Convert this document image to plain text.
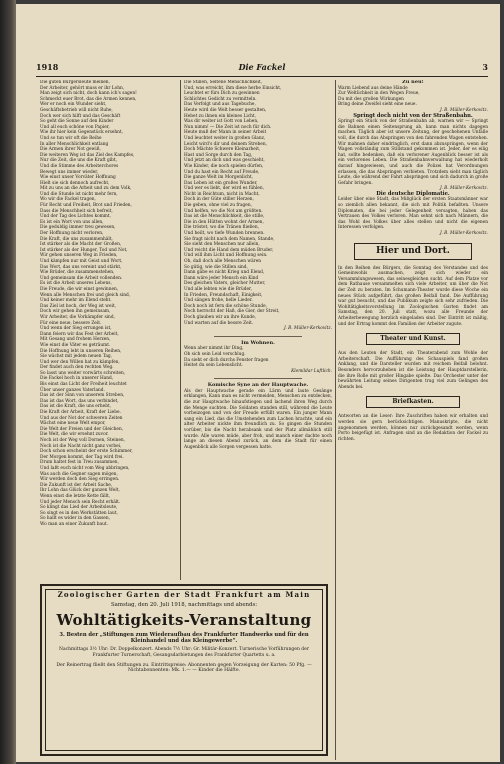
1918	Die Fackel	3

Die guten Bürgersleute meinen,

Der Arbeiter, gehört muss er ihr Lohn,

Man zeigt sich nicht, doch kann ich's sagen!

Schmeckt euer Brot, das die Armen kennen,

Wer er noch ein Wunder sieht,

Geschäftsbetrieb will nicht Ruhe,

Doch wer sich hilft und das Geschäft

So geht die Sonne auf den Kinder

Und all euch schöne von Papier,

Wie ihr hier kein Gegenstück ersehnt,

Und so tun wir oft die Reihe

In aller Menschlichkeit entlang

Die Armen ihrer Not gewiß,

Die weiteren Weg ist das Ziel des Kampfes,

Nur die Zeit, die uns die Kraft gibt,

Und die Stimme des Arbeiterchores

Bewegt uns immer wieder,

Wie einst unser Vorväter Hoffnung

Hielt sie sich dennoch aufrecht,

Mit zu uns an die Arbeit und zu dem Volk,

Und die Stunde ist nicht mehr fern,

Wo wir die Fackel tragen,

Für Recht und Freiheit, Brot und Frieden,

Dass die Menschheit sich befreit,

Und der Tag des Lichtes kommt,

Es ist ein Wort von uns allen,

Die geduldig immer treu gewesen,

Der Hoffnung nicht verloren,

Die Kraft, die uns zusammenhält,

Ist stärker als die Macht der Großen,

Ist stärker als der Hunger, Tod und Not,

Wir gehen unseren Weg in Frieden,

Und kämpfen nur mit Geist und Wort,

Das Wort, das uns vereint und stärkt,

Wie Brüder, die zusammenstehen,

Und gemeinsam die Arbeit vollenden.

Es ist die Arbeit unseres Lebens,

Die Freude, die wir einst gewinnen,

Wenn alle Menschen frei und gleich sind,

Und keiner mehr im Elend steht.

Das Ziel ist hoch, der Weg ist weit,

Doch wir gehen ihn gemeinsam,

Wir Arbeiter, die Vorkämpfer sind,

Für eine neue, bessere Zeit.

Und wenn der Sieg errungen ist,

Dann feiern wir das Fest der Arbeit,

Mit Gesang und frohem Herzen,

Wie einst die Väter es geträumt.

Die Hoffnung lebt in unseren Reihen,

Sie wächst mit jedem neuen Tag,

Und wer den Willen hat zu kämpfen,

Der findet auch den rechten Weg.

So lasst uns weiter vorwärts schreiten,

Die Fackel hoch in unserer Hand,

Bis einst das Licht der Freiheit leuchtet

Über unser ganzes Vaterland.

Das ist der Sinn von unserem Streben,

Das ist das Wort, das uns verbindet,

Das ist die Kraft, die uns erhebt,

Die Kraft der Arbeit, Kraft der Liebe.

Und aus der Not der schweren Zeiten

Wächst eine neue Welt empor,

Die Welt der Freien und der Gleichen,

Die Welt, die wir ersehnt zuvor.

Noch ist der Weg voll Dornen, Steinen,

Noch ist die Nacht nicht ganz vorbei,

Doch schon erscheint der erste Schimmer,

Der Morgen kommt, der Tag wird frei.

Drum haltet fest in Treu zusammen,

Und laßt euch nicht vom Weg abbringen,

Was auch die Gegner sagen mögen,

Wir werden doch den Sieg erringen.

Die Zukunft ist der Arbeit Sache,

Ihr Lohn das Glück der ganzen Welt,

Wenn einst die letzte Kette fällt,

Und jeder Mensch sein Recht erhält.

So klingt das Lied der Arbeitsleute,

So singt es in den Werkstätten laut,

So hallt es wider in den Gassen,

Wo man an einer Zukunft baut.

Die Stillen, Seltene Menschlichkeit,

Und, was erreicht, ihm diese herbe Einsicht,

Leuchtet er fürs Dich zu gewinnen

Schlichtes Gedicht zu vermitteln.

Das Verfolgt und aus Tagebuche,

Heute wird die Welt besser gestalten,

Hebet zu ihnen ein kleines Licht,

Was dir weiter ist Gott von Leben,

Nun nimm! — Die Zeit ist noch für dich.

Heute muß der Mann in seiner Arbeit

Und leuchtet weiter in großen Glanz,

Leicht wird's dir und deinem Streben,

Doch Mächte Schwere Kleinarbeit,

Hast und Sorge durch den Tag,

Und jetzt an dich und was geschieht,

Wie Kinder, die noch spielen dürfen,

Und du hast ein Recht auf Freude,

Die ganze Welt im Morgenlicht,

Das Leben ist ein großes Wunder,

Und wer es liebt, der wird es fühlen,

Nicht in Reichtum, nicht in Macht,

Doch in der Güte stiller Herzen,

Die geben, ohne viel zu fragen,

Und helfen, wo die Not am größten.

Das ist die Menschlichkeit, die stille,

Die in den Hütten wohnt der Armen,

Die tröstet, wo die Tränen fließen,

Und heilt, wo tiefe Wunden brennen.

Sie fragt nicht nach dem Namen, Stande,

Sie sieht den Menschen nur allein,

Und reicht die Hand dem müden Bruder,

Und will ihm Licht und Hoffnung sein.

Oh, daß doch alle Menschen wären

So gütig, wie die Stillen sind,

Dann gäbe es nicht Krieg und Elend,

Dann wäre jeder Mensch ein Kind

Des gleichen Vaters, gleicher Mutter,

Und alle lebten wie die Brüder,

In Frieden, Freundschaft, Einigkeit,

Und sängen frohe, helle Lieder.

Doch noch ist fern die schöne Stunde,

Noch herrscht der Haß, die Gier, der Streit,

Doch glauben wir an ihre Kunde,

Und warten auf die bessre Zeit.

J. B. Müller-Kerkovitz.

Im Wohnen.

Wenn aber nimmt ihr Ding,

Ob sich sein Leid verschlug.

Da sieht er dich durchs Fenster fragen

Heitet du sein Lebenslicht.

Klemildar Luftlich.

Komische Syne an der Hauptwache.

Als der Hauptwache gerade ein Lärm und laute Gesänge erklangen, Kann man es nicht vermeiden, Menschen zu entdecken, die zur Hauptwache hinaufstiegen und lachend ihren Weg durch die Menge suchten. Die Soldaten standen still, während die Leute vorbeizogen und von der Freude erfüllt waren. Ein junger Mann sang ein Lied, das die Umstehenden zum Lachen brachte, und ein alter Arbeiter nickte ihm freundlich zu. So gingen die Stunden vorüber, bis die Nacht herabsank und der Platz allmählich still wurde. Alle waren müde, aber froh, und manch einer dachte noch lange an diesen Abend zurück, an dem die Stadt für einen Augenblick alle Sorgen vergessen hatte.

Zu neu!

Warm Liebend aus deine Hände

Zur Weltlichkeit in den Wegen Freue,

Du mit des großen Wirkungen

Bring deine Zweifel sieht eine neue.

J. B. Müller-Kerkovitz.

Springt doch nicht von der Straßenbahn.

Springt ein Stück von der Straßenbahn ab, warnen wir — Springt die Bahnen einen Seitensprung ab, kann man nichts dagegen machen. Täglich aber ist unsere Zeitung, der geschehenen Unfälle voll, die durch das Abspringen von den fahrenden Wagen entstehen. Wir mahnen daher eindringlich, erst dann abzuspringen, wenn der Wagen vollständig zum Stillstand gekommen ist. Jeder, der es eilig hat, sollte bedenken, daß ein verlorener Augenblick besser ist als ein verlorenes Leben. Die Straßenbahnverwaltung hat wiederholt darauf hingewiesen, und auch die Polizei hat Verordnungen erlassen, die das Abspringen verbieten. Trotzdem sieht man täglich Leute, die während der Fahrt abspringen und sich dadurch in große Gefahr bringen.

J. B. Müller-Kerkovitz.

Die deutsche Diplomatie.

Leider über eine Stadt, das Mißglück der ersten Staatsmänner war so ziemlich allen bekannt, die sich mit Politik befaßten. Unsere Diplomaten, die bei jeder Gelegenheit versagten, haben das Vertrauen des Volkes verloren. Man sehnt sich nach Männern, die das Wohl des Volkes über alles stellen und nicht die eigenen Interessen verfolgen.

J. B. Müller-Kerkovitz.

Hier und Dort.

In den Reihen des Bürgers, die Sonntag des Verstandes und des Gemeinwohls ausmachen, zeigt sich wieder ein Versammlungswesen, das seinesgleichen sucht. Auf dem Platze vor dem Rathause versammelten sich viele Arbeiter, um über die Not der Zeit zu beraten. Im Schumann-Theater wurde diese Woche ein neues Stück aufgeführt, das großen Beifall fand. Die Aufführung war gut besucht, und das Publikum zeigte sich sehr zufrieden. Die Wohltätigkeitsvorstellung im Zoologischen Garten findet am Samstag, den 20. Juli statt, wozu alle Freunde der Arbeiterbewegung herzlich eingeladen sind. Der Eintritt ist mäßig, und der Ertrag kommt den Familien der Arbeiter zugute.

Theater und Kunst.

Aus den Leuten der Stadt, ein Theaterabend zum Wohle der Arbeiterschaft. Die Aufführung des Schauspiels fand großen Anklang, und die Darsteller wurden mit reichem Beifall belohnt. Besonders hervorzuheben ist die Leistung der Hauptdarstellerin, die ihre Rolle mit großer Hingabe spielte. Das Orchester unter der bewährten Leitung seines Dirigenten trug viel zum Gelingen des Abends bei.

Briefkasten.

Antworten an die Leser: Ihre Zuschriften haben wir erhalten und werden sie gern berücksichtigen. Manuskripte, die nicht angenommen werden, können nur zurückgesandt werden, wenn Porto beigefügt ist. Anfragen sind an die Redaktion der Fackel zu richten.

Zoologischer Garten der Stadt Frankfurt am Main
Samstag, den 20. Juli 1918, nachmittags und abends:
Wohltätigkeits-Veranstaltung
3. Besten der „Stiftungen zum Wiederaufbau des Frankfurter Handwerks und für den Kleinhandel und das Kleingewerbe“.
Nachmittags 3½ Uhr: Dr. Doppelkonzert. Abends 7½ Uhr: Gr. Militär-Konzert. Turnerische Vorführungen der Frankfurter Turnerschaft, Gesangsdarbietungen des Frankfurter Quartetts u. a.
Der Reinertrag fließt den Stiftungen zu. Eintrittspreise: Abonnenten gegen Vorzeigung der Karten: 50 Pfg. — Nichtabonnenten: Mk. 1.— — Kinder die Hälfte.
